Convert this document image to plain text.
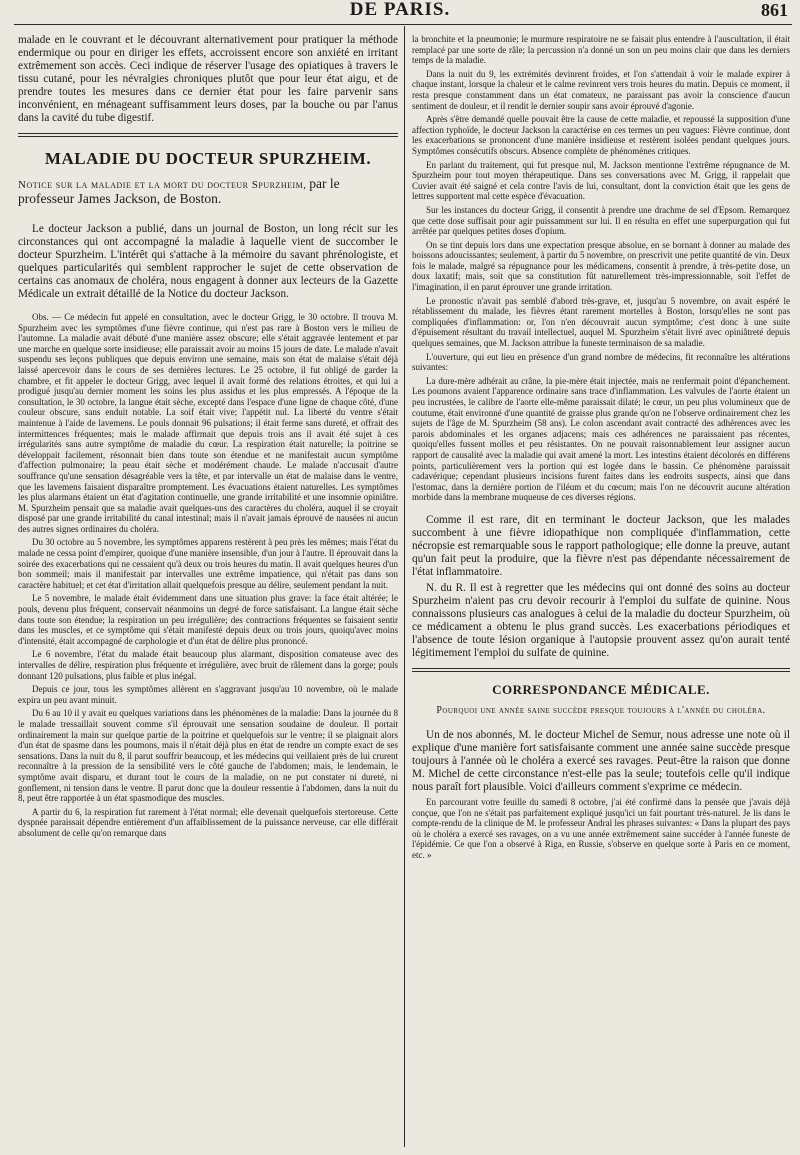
DE PARIS.	861

malade en le couvrant et le découvrant alternativement pour pratiquer la méthode endermique ou pour en diriger les effets, accroissent encore son anxiété en irritant extrêmement son accès. Ceci indique de réserver l'usage des opiatiques à travers le tissu cutané, pour les névralgies chroniques plutôt que pour leur état aigu, et de prendre toutes les mesures dans ce dernier état pour les faire parvenir sans inconvénient, en ménageant suffisamment leurs doses, par la bouche ou par l'anus dans la cavité du tube digestif.

MALADIE DU DOCTEUR SPURZHEIM.
Notice sur la maladie et la mort du docteur Spurzheim, par le professeur James Jackson, de Boston.

Le docteur Jackson a publié, dans un journal de Boston, un long récit sur les circonstances qui ont accompagné la maladie à laquelle vient de succomber le docteur Spurzheim. L'intérêt qui s'attache à la mémoire du savant phrénologiste, et quelques particularités qui semblent rapprocher le sujet de cette observation de certains cas anomaux de choléra, nous engagent à donner aux lecteurs de la Gazette Médicale un extrait détaillé de la Notice du docteur Jackson.

Obs. — Ce médecin fut appelé en consultation, avec le docteur Grigg, le 30 octobre. Il trouva M. Spurzheim avec les symptômes d'une fièvre continue, qui n'est pas rare à Boston vers le milieu de l'automne. La maladie avait débuté d'une manière assez obscure; elle s'était aggravée lentement et par une marche en quelque sorte insidieuse; elle paraissait avoir au moins 15 jours de date. Le malade n'avait suspendu ses leçons publiques que depuis environ une semaine, mais son état de malaise s'était déjà laissé apercevoir dans le cours de ses dernières lectures. Le 25 octobre, il fut obligé de garder la chambre, et fit appeler le docteur Grigg, avec lequel il avait formé des relations étroites, et qui lui a prodigué jusqu'au dernier moment les soins les plus assidus et les plus empressés. A l'époque de la consultation, le 30 octobre, la langue était sèche, excepté dans l'espace d'une ligne de chaque côté, d'une couleur obscure, sans enduit notable. La soif était vive; l'appétit nul. La liberté du ventre s'était maintenue à l'aide de lavemens. Le pouls donnait 96 pulsations; il était ferme sans dureté, et offrait des intermittences fréquentes; mais le malade affirmait que depuis trois ans il avait été sujet à ces irrégularités sans autre symptôme de maladie du cœur. La respiration était naturelle; la poitrine se développait facilement, résonnait bien dans toute son étendue et ne manifestait aucun symptôme d'affection pulmonaire; la peau était sèche et modérément chaude. Le malade n'accusait d'autre souffrance qu'une sensation désagréable vers la tête, et par intervalle un état de malaise dans le ventre, que les lavemens faisaient disparaître promptement. Les évacuations étaient naturelles. Les symptômes les plus alarmans étaient un état d'agitation continuelle, une grande irritabilité et une insomnie opiniâtre. M. Spurzheim pensait que sa maladie avait quelques-uns des caractères du choléra, auquel il se croyait disposé par une grande irritabilité du canal intestinal; mais il n'avait jamais éprouvé de nausées ni aucun des autres signes ordinaires du choléra.

Du 30 octobre au 5 novembre, les symptômes apparens restèrent à peu près les mêmes; mais l'état du malade ne cessa point d'empirer, quoique d'une manière insensible, d'un jour à l'autre. Il éprouvait dans la soirée des exacerbations qui ne cessaient qu'à deux ou trois heures du matin. Il avait quelques heures d'un bon sommeil; mais il manifestait par intervalles une extrême impatience, qui n'était pas dans son caractère habituel; et cet état d'irritation allait quelquefois presque au délire, seulement pendant la nuit.

Le 5 novembre, le malade était évidemment dans une situation plus grave: la face était altérée; le pouls, devenu plus fréquent, conservait néanmoins un degré de force satisfaisant. La langue était sèche dans toute son étendue; la respiration un peu irrégulière; des contractions fréquentes se faisaient sentir dans les muscles, et ce symptôme qui s'était manifesté depuis deux ou trois jours, quoiqu'avec moins d'intensité, était accompagné de carphologie et d'un état de délire plus prononcé.

Le 6 novembre, l'état du malade était beaucoup plus alarmant, disposition comateuse avec des intervalles de délire, respiration plus fréquente et irrégulière, avec bruit de râlement dans la gorge; pouls donnant 120 pulsations, plus faible et plus inégal.

Depuis ce jour, tous les symptômes allèrent en s'aggravant jusqu'au 10 novembre, où le malade expira un peu avant minuit.

Du 6 au 10 il y avait eu quelques variations dans les phénomènes de la maladie: Dans la journée du 8 le malade tressaillait souvent comme s'il éprouvait une sensation soudaine de douleur. Il portait ordinairement la main sur quelque partie de la poitrine et quelquefois sur le ventre; il se plaignait alors d'un état de spasme dans les poumons, mais il n'était déjà plus en état de rendre un compte exact de ses sensations. Dans la nuit du 8, il parut souffrir beaucoup, et les médecins qui veillaient près de lui crurent reconnaître à la pression de la sensibilité vers le côté gauche de l'abdomen; mais, le lendemain, le symptôme avait disparu, et durant tout le cours de la maladie, on ne put constater ni dureté, ni gonflement, ni tension dans le ventre. Il parut donc que la douleur ressentie à l'abdomen, dans la nuit du 8, peut être rapportée à un état spasmodique des muscles.

A partir du 6, la respiration fut rarement à l'état normal; elle devenait quelquefois stertoreuse. Cette dyspnée paraissait dépendre entièrement d'un affaiblissement de la puissance nerveuse, car elle différait absolument de celle qu'on remarque dans

la bronchite et la pneumonie; le murmure respiratoire ne se faisait plus entendre à l'auscultation, il était remplacé par une sorte de râle; la percussion n'a donné un son un peu moins clair que dans les derniers temps de la maladie.

Dans la nuit du 9, les extrémités devinrent froides, et l'on s'attendait à voir le malade expirer à chaque instant, lorsque la chaleur et le calme revinrent vers trois heures du matin. Depuis ce moment, il resta presque constamment dans un état comateux, ne paraissant pas avoir la conscience d'aucun sentiment de douleur, et il rendit le dernier soupir sans avoir éprouvé d'agonie.

Après s'être demandé quelle pouvait être la cause de cette maladie, et repoussé la supposition d'une affection typhoïde, le docteur Jackson la caractérise en ces termes un peu vagues: Fièvre continue, dont les exacerbations se prononcent d'une manière insidieuse et restèrent isolées pendant quelques jours. Symptômes consécutifs obscurs. Absence complète de phénomènes critiques.

En parlant du traitement, qui fut presque nul, M. Jackson mentionne l'extrême répugnance de M. Spurzheim pour tout moyen thérapeutique. Dans ses conversations avec M. Grigg, il rappelait que Cuvier avait été saigné et cela contre l'avis de lui, consultant, dont la conviction était que les gens de lettres supportent mal cette espèce d'évacuation.

Sur les instances du docteur Grigg, il consentit à prendre une drachme de sel d'Epsom. Remarquez que cette dose suffisait pour agir puissamment sur lui. Il en résulta en effet une superpurgation qui fut arrêtée par quelques petites doses d'opium.

On se tint depuis lors dans une expectation presque absolue, en se bornant à donner au malade des boissons adoucissantes; seulement, à partir du 5 novembre, on prescrivit une petite quantité de vin. Deux fois le malade, malgré sa répugnance pour les médicamens, consentit à prendre, à très-petite dose, un doux laxatif; mais, soit que sa constitution fût naturellement très-impressionnable, soit l'effet de l'imagination, il en parut éprouver une grande irritation.

Le pronostic n'avait pas semblé d'abord très-grave, et, jusqu'au 5 novembre, on avait espéré le rétablissement du malade, les fièvres étant rarement mortelles à Boston, lorsqu'elles ne sont pas compliquées d'inflammation: or, l'on n'en découvrait aucun symptôme; c'est donc à une suite d'épuisement résultant du travail intellectuel, auquel M. Spurzheim s'était livré avec opiniâtreté depuis quelques semaines, que M. Jackson attribue la funeste terminaison de sa maladie.

L'ouverture, qui eut lieu en présence d'un grand nombre de médecins, fit reconnaître les altérations suivantes:

La dure-mère adhérait au crâne, la pie-mère était injectée, mais ne renfermait point d'épanchement. Les poumons avaient l'apparence ordinaire sans trace d'inflammation. Les valvules de l'aorte étaient un peu incrustées, le calibre de l'aorte elle-même paraissait dilaté; le cœur, un peu plus volumineux que de coutume, était environné d'une quantité de graisse plus grande qu'on ne l'observe ordinairement chez les sujets de l'âge de M. Spurzheim (58 ans). Le colon ascendant avait contracté des adhérences avec les parois abdominales et les organes adjacens; mais ces adhérences ne paraissaient pas récentes, quoiqu'elles fussent molles et peu résistantes. On ne pouvait raisonnablement leur assigner aucun rapport de causalité avec la maladie qui avait amené la mort. Les intestins étaient décolorés en différens points, particulièrement vers la portion qui est logée dans le bassin. Ce phénomène paraissait cadavérique; cependant plusieurs incisions furent faites dans les endroits suspects, ainsi que dans l'estomac, dans la dernière portion de l'iléum et du cœcum; mais l'on ne découvrit aucune altération morbide dans la membrane muqueuse de ces diverses régions.

Comme il est rare, dit en terminant le docteur Jackson, que les malades succombent à une fièvre idiopathique non compliquée d'inflammation, cette nécropsie est remarquable sous le rapport pathologique; elle donne la preuve, autant qu'un fait peut la produire, que la fièvre n'est pas dépendante nécessairement de l'état inflammatoire.

N. du R. Il est à regretter que les médecins qui ont donné des soins au docteur Spurzheim n'aient pas cru devoir recourir à l'emploi du sulfate de quinine. Nous connaissons plusieurs cas analogues à celui de la maladie du docteur Spurzheim, où ce médicament a obtenu le plus grand succès. Les exacerbations périodiques et l'absence de toute lésion organique à l'autopsie prouvent assez qu'on aurait tenté légitimement l'emploi du sulfate de quinine.

CORRESPONDANCE MÉDICALE.
Pourquoi une année saine succède presque toujours à l'année du choléra.

Un de nos abonnés, M. le docteur Michel de Semur, nous adresse une note où il explique d'une manière fort satisfaisante comment une année saine succède presque toujours à l'année où le choléra a exercé ses ravages. Peut-être la raison que donne M. Michel de cette circonstance n'est-elle pas la seule; toutefois celle qu'il indique nous paraît fort plausible. Voici d'ailleurs comment s'exprime ce médecin.

En parcourant votre feuille du samedi 8 octobre, j'ai été confirmé dans la pensée que j'avais déjà conçue, que l'on ne s'était pas parfaitement expliqué jusqu'ici un fait pourtant très-naturel. Je lis dans le compte-rendu de la clinique de M. le professeur Andral les phrases suivantes: « Dans la plupart des pays où le choléra a exercé ses ravages, on a vu une année extrêmement saine succéder à l'année funeste de l'épidémie. Ce que l'on a observé à Riga, en Russie, s'observe en quelque sorte à Paris en ce moment, etc. »
